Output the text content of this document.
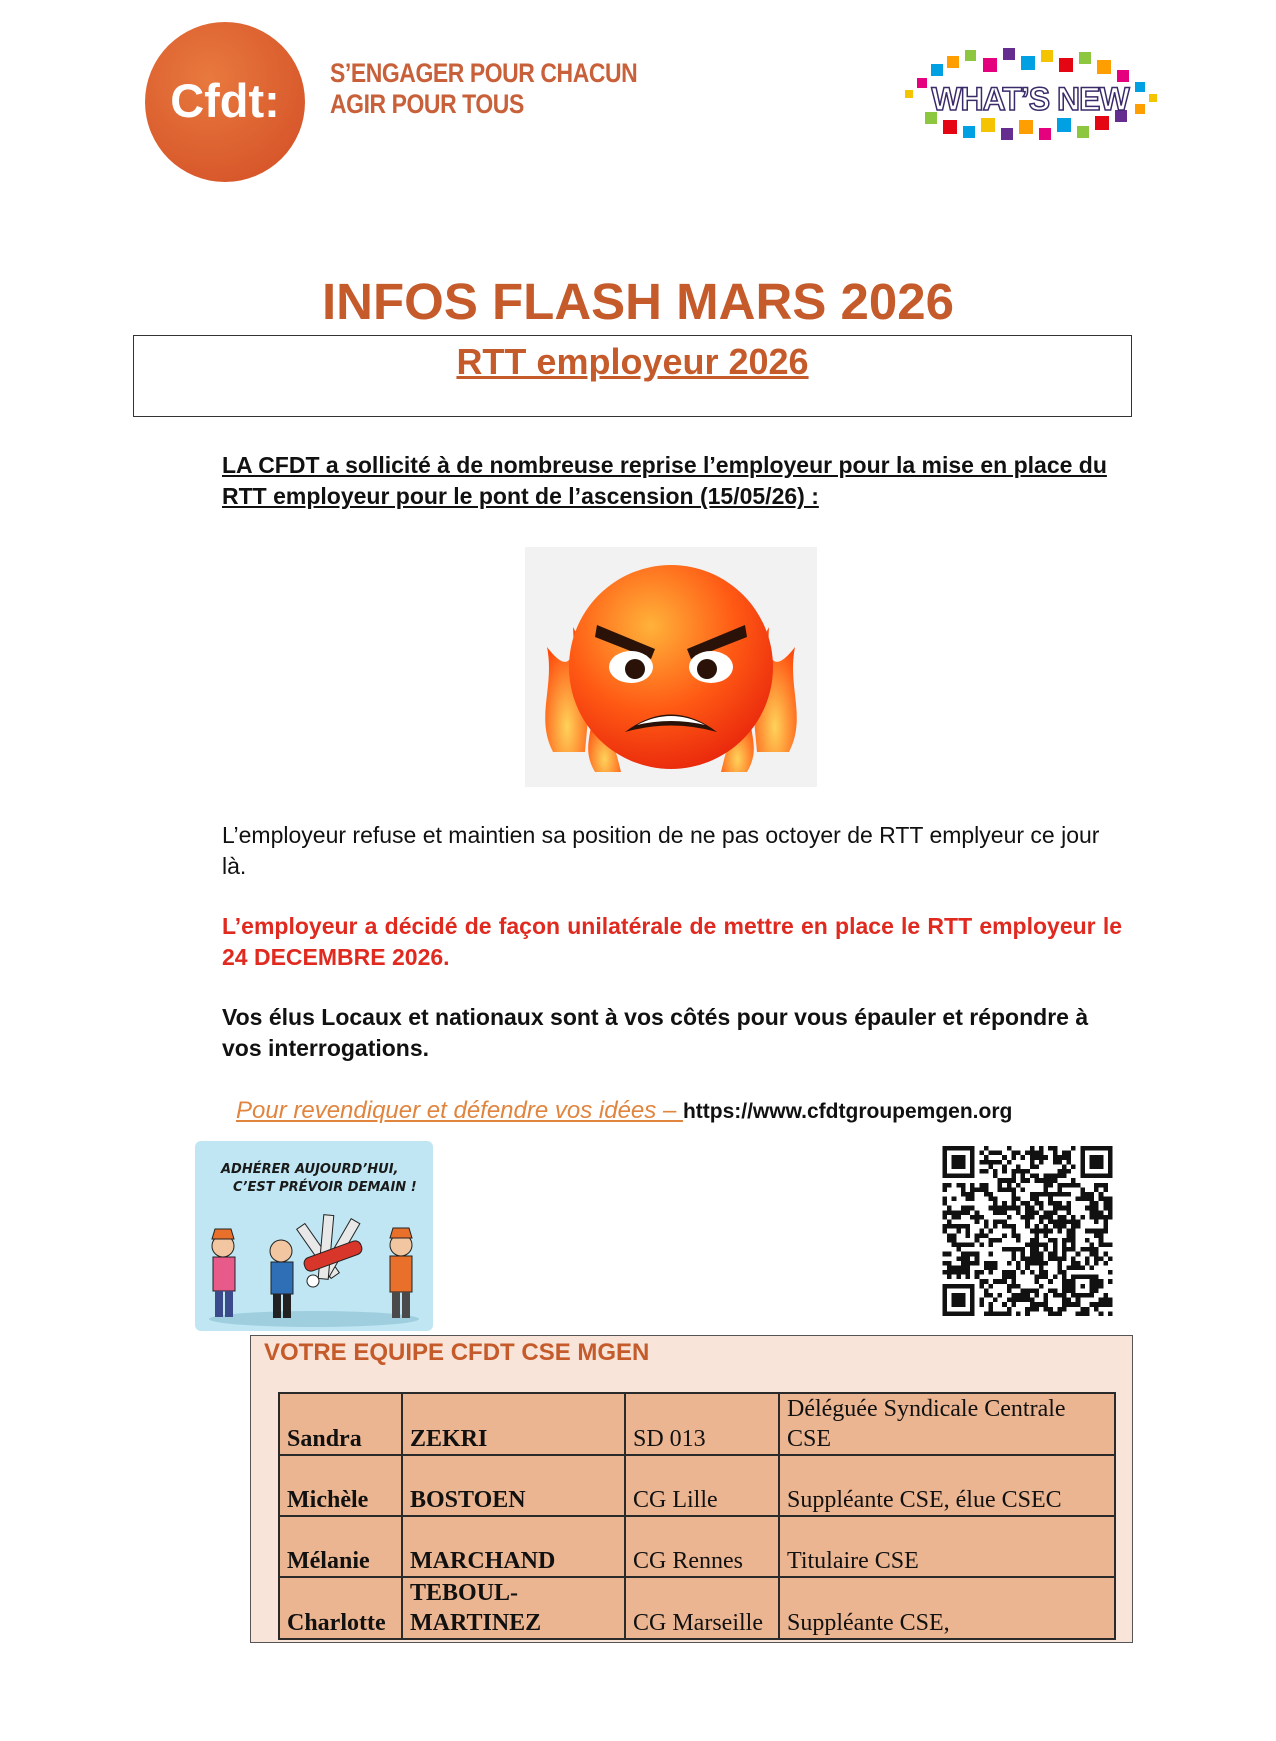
Cfdt:
S’ENGAGER POUR CHACUN
AGIR POUR TOUS	WHAT’S NEW
INFOS FLASH MARS 2026
RTT employeur 2026
LA CFDT a sollicité à de nombreuse reprise l’employeur pour la mise en place du RTT employeur pour le pont de l’ascension (15/05/26) :
L’employeur refuse et maintien sa position de ne pas octoyer de RTT emplyeur ce jour là.
L’employeur a décidé de façon unilatérale de mettre en place le RTT employeur le 24 DECEMBRE 2026.
Vos élus Locaux et nationaux sont à vos côtés pour vous épauler et répondre à vos interrogations.
Pour revendiquer et défendre vos idées – https://www.cfdtgroupemgen.org
ADHÉRER AUJOURD’HUI,
C’EST PRÉVOIR DEMAIN !
VOTRE EQUIPE CFDT CSE MGEN
Sandra	ZEKRI	SD 013	Déléguée Syndicale Centrale CSE
Michèle	BOSTOEN	CG Lille	Suppléante CSE, élue CSEC
Mélanie	MARCHAND	CG Rennes	Titulaire CSE
Charlotte	TEBOUL-MARTINEZ	CG Marseille	Suppléante CSE,
